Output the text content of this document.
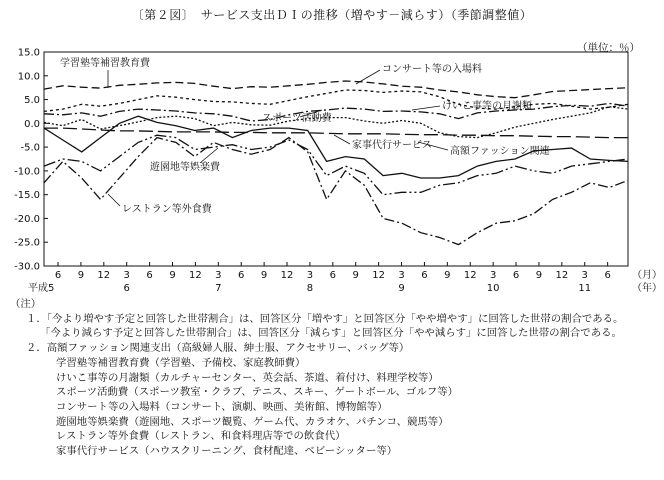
〔第２図〕　サービス支出ＤＩの推移（増やす－減らす）（季節調整値）
（単位：％）
15.0
10.0
5.0
0.0
-5.0
-10.0
-15.0
-20.0
-25.0
-30.0
6 9 12 3 6 9 12 3 6 9 12 3 6 9 12 3 6 9 12 3 6 9 12 3 6 （月）
平成5	6	7	8	9	10	11	（年）
学習塾等補習教育費
コンサート等の入場料
けいこ事等の月謝類
スポーツ活動費
家事代行サービス
高額ファッション関連
遊園地等娯楽費
レストラン等外食費
（注）
１．「今より増やす予定と回答した世帯割合」は、回答区分「増やす」と回答区分「やや増やす」に回答した世帯の割合である。
「今より減らす予定と回答した世帯割合」は、回答区分「減らす」と回答区分「やや減らす」に回答した世帯の割合である。
２．高額ファッション関連支出（高級婦人服、紳士服、アクセサリー、バッグ等）
学習塾等補習教育費（学習塾、予備校、家庭教師費）
けいこ事等の月謝類（カルチャーセンター、英会話、茶道、着付け、料理学校等）
スポーツ活動費（スポーツ教室・クラブ、テニス、スキー、ゲートボール、ゴルフ等）
コンサート等の入場料（コンサート、演劇、映画、美術館、博物館等）
遊園地等娯楽費（遊園地、スポーツ観覧、ゲーム代、カラオケ、パチンコ、競馬等）
レストラン等外食費（レストラン、和食料理店等での飲食代）
家事代行サービス（ハウスクリーニング、食材配達、ベビーシッター等）
